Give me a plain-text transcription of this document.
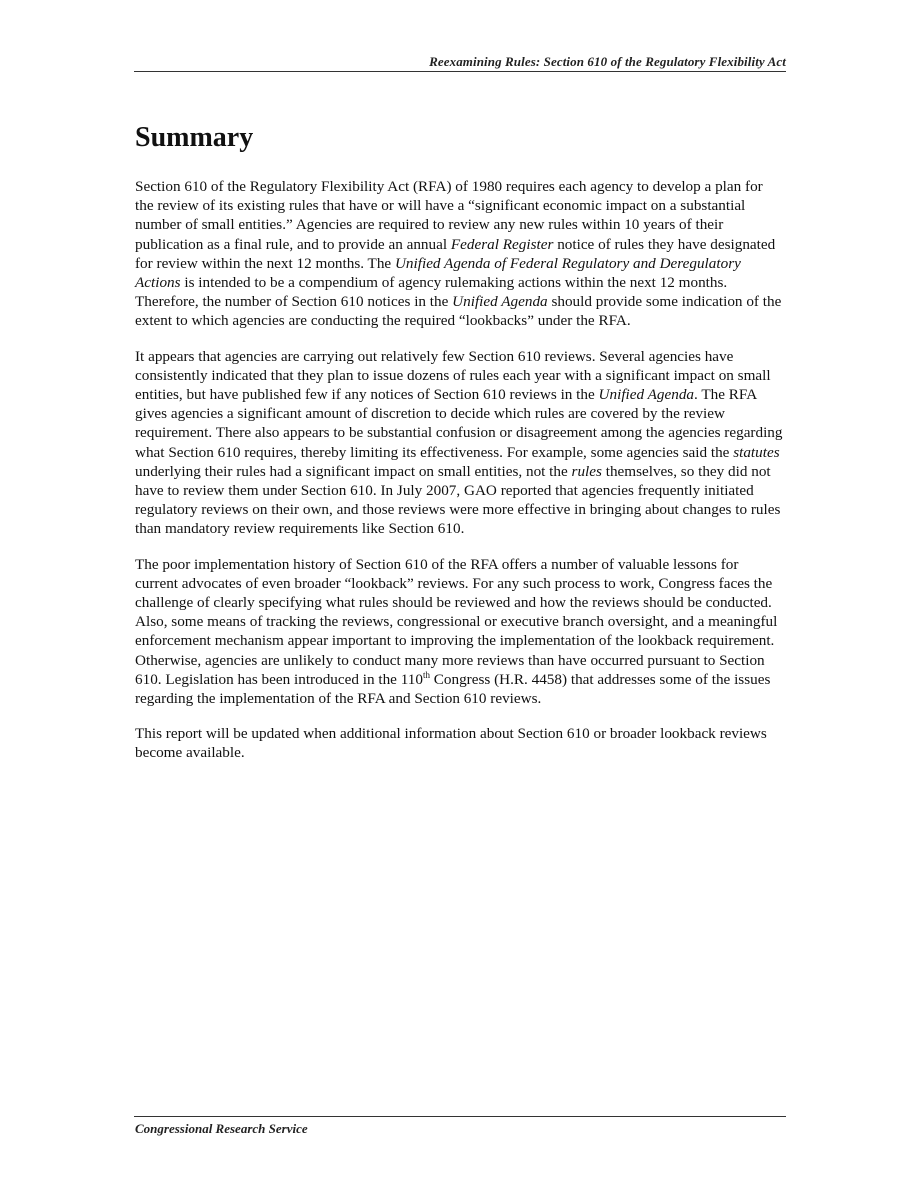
Reexamining Rules: Section 610 of the Regulatory Flexibility Act
Summary

Section 610 of the Regulatory Flexibility Act (RFA) of 1980 requires each agency to develop a plan for the review of its existing rules that have or will have a “significant economic impact on a substantial number of small entities.” Agencies are required to review any new rules within 10 years of their publication as a final rule, and to provide an annual Federal Register notice of rules they have designated for review within the next 12 months. The Unified Agenda of Federal Regulatory and Deregulatory Actions is intended to be a compendium of agency rulemaking actions within the next 12 months. Therefore, the number of Section 610 notices in the Unified Agenda should provide some indication of the extent to which agencies are conducting the required “lookbacks” under the RFA.

It appears that agencies are carrying out relatively few Section 610 reviews. Several agencies have consistently indicated that they plan to issue dozens of rules each year with a significant impact on small entities, but have published few if any notices of Section 610 reviews in the Unified Agenda. The RFA gives agencies a significant amount of discretion to decide which rules are covered by the review requirement. There also appears to be substantial confusion or disagreement among the agencies regarding what Section 610 requires, thereby limiting its effectiveness. For example, some agencies said the statutes underlying their rules had a significant impact on small entities, not the rules themselves, so they did not have to review them under Section 610. In July 2007, GAO reported that agencies frequently initiated regulatory reviews on their own, and those reviews were more effective in bringing about changes to rules than mandatory review requirements like Section 610.

The poor implementation history of Section 610 of the RFA offers a number of valuable lessons for current advocates of even broader “lookback” reviews. For any such process to work, Congress faces the challenge of clearly specifying what rules should be reviewed and how the reviews should be conducted. Also, some means of tracking the reviews, congressional or executive branch oversight, and a meaningful enforcement mechanism appear important to improving the implementation of the lookback requirement. Otherwise, agencies are unlikely to conduct many more reviews than have occurred pursuant to Section 610. Legislation has been introduced in the 110th Congress (H.R. 4458) that addresses some of the issues regarding the implementation of the RFA and Section 610 reviews.

This report will be updated when additional information about Section 610 or broader lookback reviews become available.

Congressional Research Service
